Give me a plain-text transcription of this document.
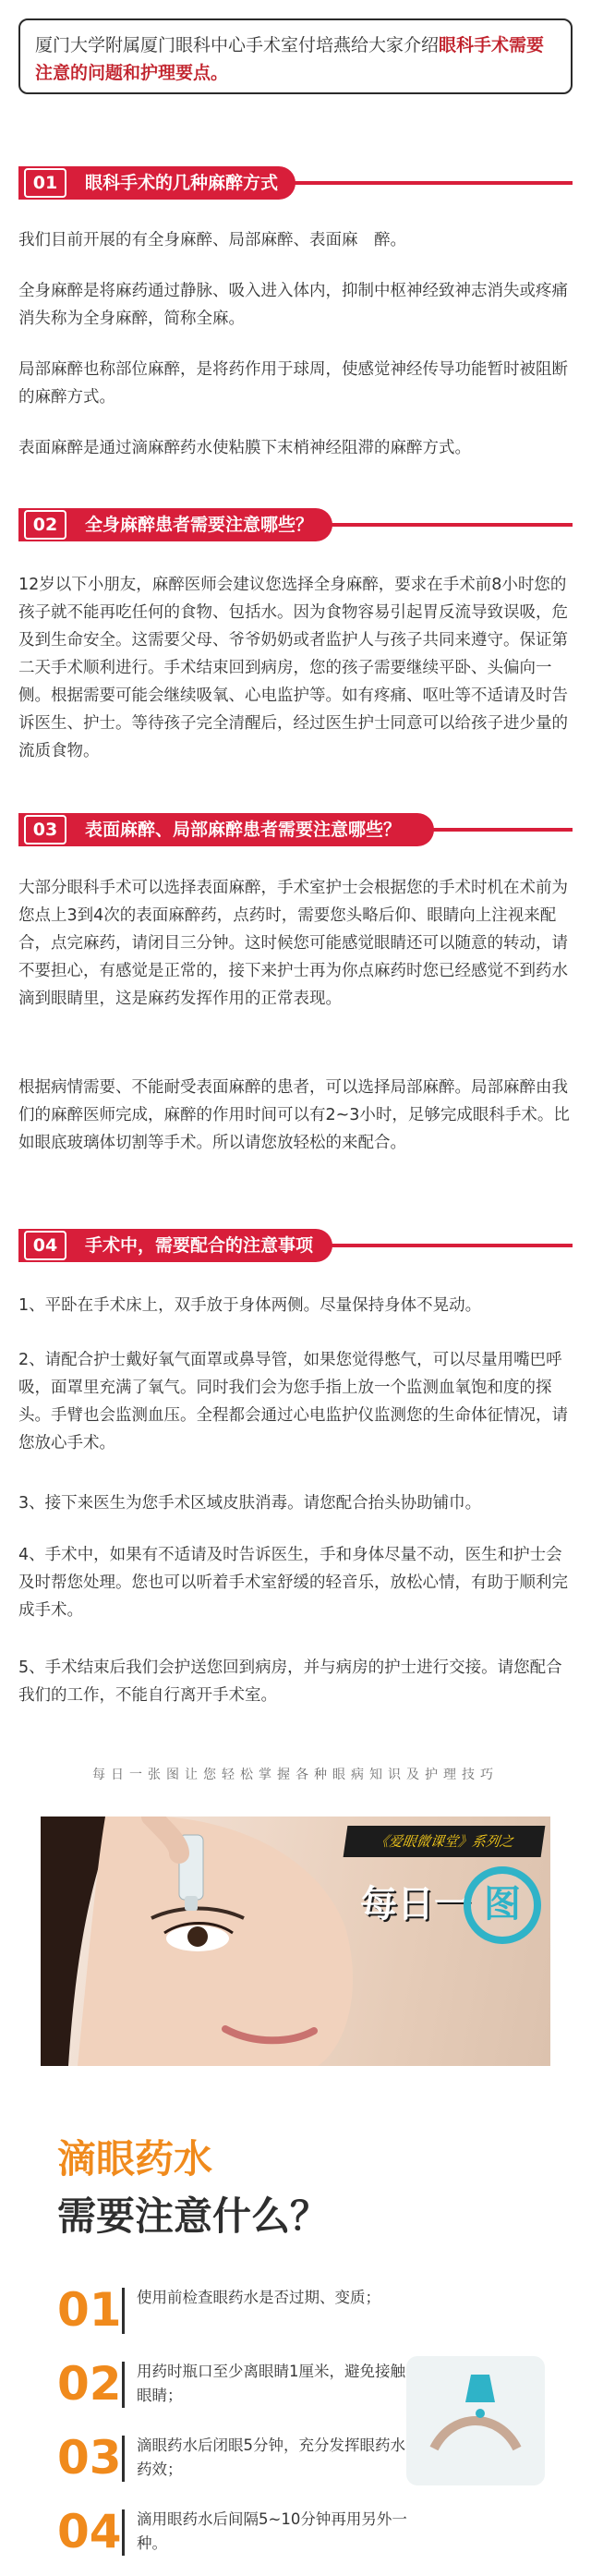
厦门大学附属厦门眼科中心手术室付培燕给大家介绍眼科手术需要注意的问题和护理要点。
01	眼科手术的几种麻醉方式

我们目前开展的有全身麻醉、局部麻醉、表面麻　醉。

全身麻醉是将麻药通过静脉、吸入进入体内，抑制中枢神经致神志消失或疼痛消失称为全身麻醉，简称全麻。

局部麻醉也称部位麻醉，是将药作用于球周，使感觉神经传导功能暂时被阻断的麻醉方式。

表面麻醉是通过滴麻醉药水使粘膜下末梢神经阻滞的麻醉方式。

02	全身麻醉患者需要注意哪些？

12岁以下小朋友，麻醉医师会建议您选择全身麻醉，要求在手术前8小时您的孩子就不能再吃任何的食物、包括水。因为食物容易引起胃反流导致误吸，危及到生命安全。这需要父母、爷爷奶奶或者监护人与孩子共同来遵守。保证第二天手术顺利进行。手术结束回到病房，您的孩子需要继续平卧、头偏向一侧。根据需要可能会继续吸氧、心电监护等。如有疼痛、呕吐等不适请及时告诉医生、护士。等待孩子完全清醒后，经过医生护士同意可以给孩子进少量的流质食物。

03	表面麻醉、局部麻醉患者需要注意哪些？

大部分眼科手术可以选择表面麻醉，手术室护士会根据您的手术时机在术前为您点上3到4次的表面麻醉药，点药时，需要您头略后仰、眼睛向上注视来配合，点完麻药，请闭目三分钟。这时候您可能感觉眼睛还可以随意的转动，请不要担心，有感觉是正常的，接下来护士再为你点麻药时您已经感觉不到药水滴到眼睛里，这是麻药发挥作用的正常表现。

根据病情需要、不能耐受表面麻醉的患者，可以选择局部麻醉。局部麻醉由我们的麻醉医师完成，麻醉的作用时间可以有2~3小时，足够完成眼科手术。比如眼底玻璃体切割等手术。所以请您放轻松的来配合。

04	手术中，需要配合的注意事项

1、平卧在手术床上，双手放于身体两侧。尽量保持身体不晃动。

2、请配合护士戴好氧气面罩或鼻导管，如果您觉得憋气，可以尽量用嘴巴呼吸，面罩里充满了氧气。同时我们会为您手指上放一个监测血氧饱和度的探头。手臂也会监测血压。全程都会通过心电监护仪监测您的生命体征情况，请您放心手术。

3、接下来医生为您手术区域皮肤消毒。请您配合抬头协助铺巾。

4、手术中，如果有不适请及时告诉医生，手和身体尽量不动，医生和护士会及时帮您处理。您也可以听着手术室舒缓的轻音乐，放松心情，有助于顺利完成手术。

5、手术结束后我们会护送您回到病房，并与病房的护士进行交接。请您配合我们的工作，不能自行离开手术室。

每日一张图让您轻松掌握各种眼病知识及护理技巧
《爱眼微课堂》系列之
每日一 图
滴眼药水
需要注意什么？
01 使用前检查眼药水是否过期、变质；
02 用药时瓶口至少离眼睛1厘米，避免接触眼睛；
03 滴眼药水后闭眼5分钟，充分发挥眼药水药效；
04 滴用眼药水后间隔5~10分钟再用另外一种。
